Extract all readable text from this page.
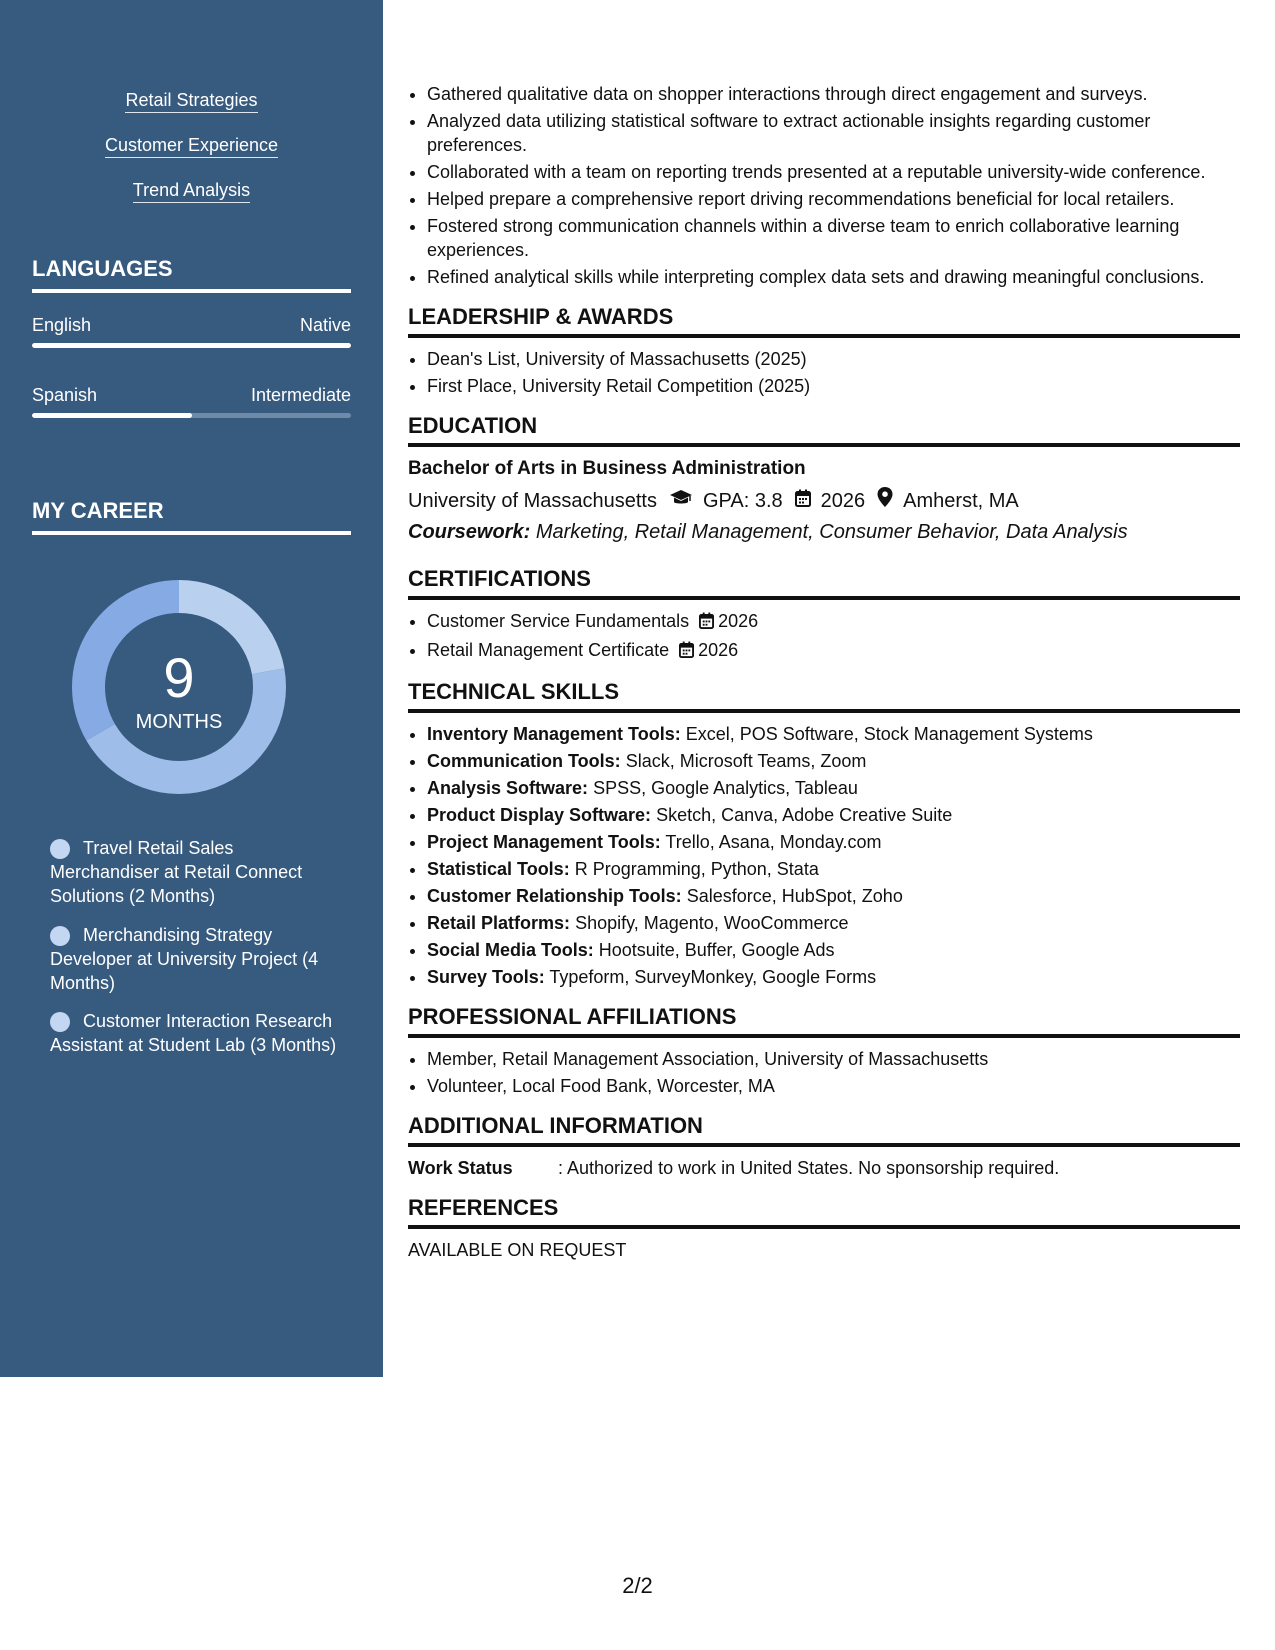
Retail Strategies
Customer Experience
Trend Analysis
LANGUAGES
English	Native
Spanish	Intermediate
MY CAREER
9
MONTHS
Travel Retail Sales Merchandiser at Retail Connect Solutions (2 Months)
Merchandising Strategy Developer at University Project (4 Months)
Customer Interaction Research Assistant at Student Lab (3 Months)
• Gathered qualitative data on shopper interactions through direct engagement and surveys.
• Analyzed data utilizing statistical software to extract actionable insights regarding customer preferences.
• Collaborated with a team on reporting trends presented at a reputable university-wide conference.
• Helped prepare a comprehensive report driving recommendations beneficial for local retailers.
• Fostered strong communication channels within a diverse team to enrich collaborative learning experiences.
• Refined analytical skills while interpreting complex data sets and drawing meaningful conclusions.
LEADERSHIP & AWARDS
• Dean's List, University of Massachusetts (2025)
• First Place, University Retail Competition (2025)
EDUCATION
Bachelor of Arts in Business Administration
University of Massachusetts GPA: 3.8 2026 Amherst, MA
Coursework: Marketing, Retail Management, Consumer Behavior, Data Analysis
CERTIFICATIONS
• Customer Service Fundamentals 2026
• Retail Management Certificate 2026
TECHNICAL SKILLS
• Inventory Management Tools: Excel, POS Software, Stock Management Systems
• Communication Tools: Slack, Microsoft Teams, Zoom
• Analysis Software: SPSS, Google Analytics, Tableau
• Product Display Software: Sketch, Canva, Adobe Creative Suite
• Project Management Tools: Trello, Asana, Monday.com
• Statistical Tools: R Programming, Python, Stata
• Customer Relationship Tools: Salesforce, HubSpot, Zoho
• Retail Platforms: Shopify, Magento, WooCommerce
• Social Media Tools: Hootsuite, Buffer, Google Ads
• Survey Tools: Typeform, SurveyMonkey, Google Forms
PROFESSIONAL AFFILIATIONS
• Member, Retail Management Association, University of Massachusetts
• Volunteer, Local Food Bank, Worcester, MA
ADDITIONAL INFORMATION
Work Status	: Authorized to work in United States. No sponsorship required.
REFERENCES
AVAILABLE ON REQUEST
2/2
